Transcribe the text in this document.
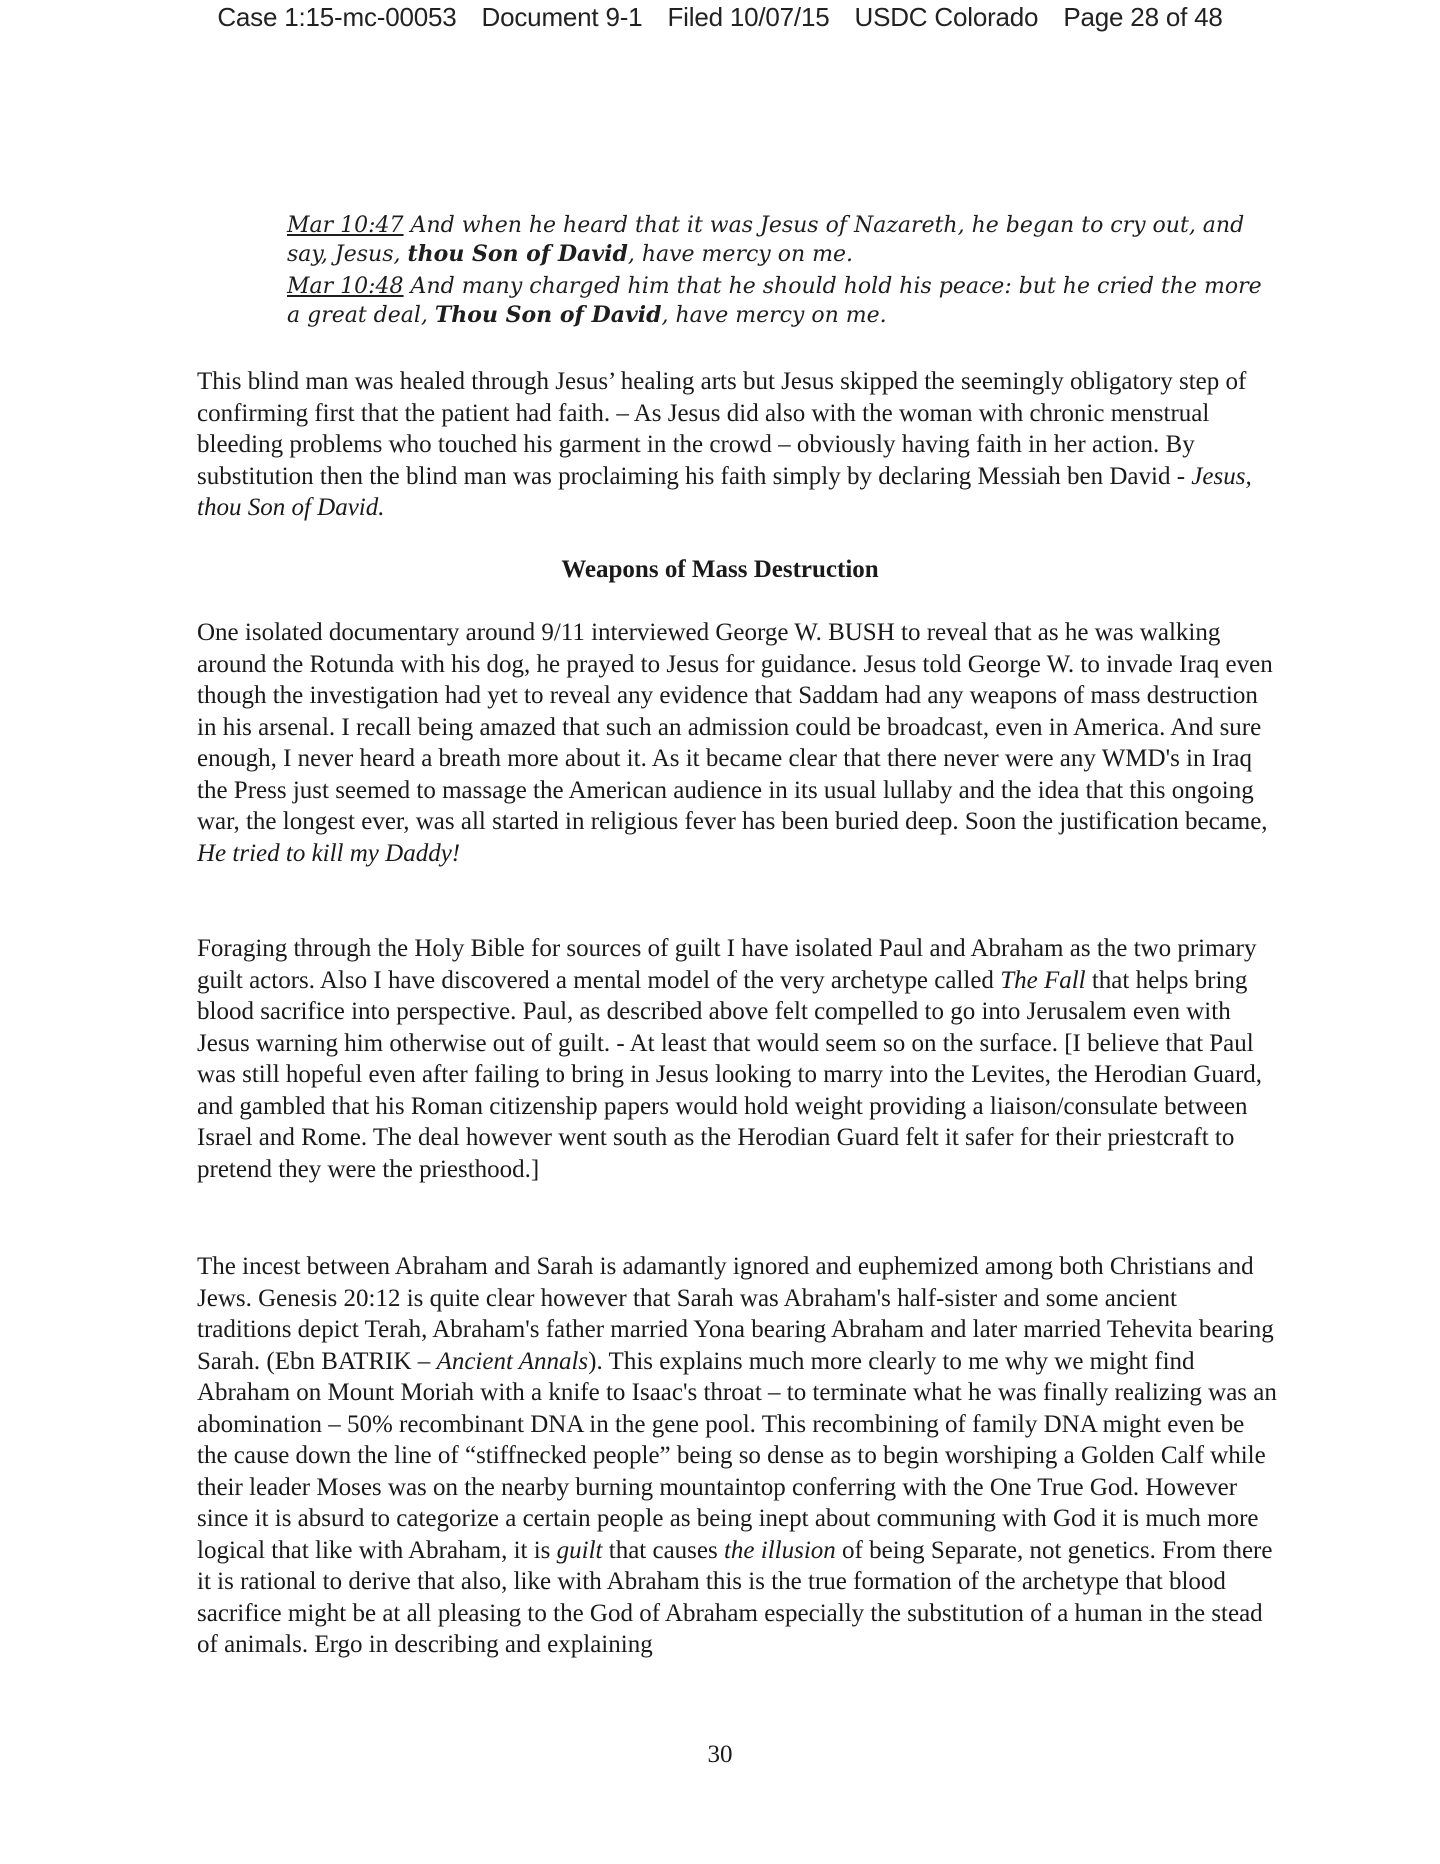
Case 1:15-mc-00053 Document 9-1 Filed 10/07/15 USDC Colorado Page 28 of 48

Mar 10:47 And when he heard that it was Jesus of Nazareth, he began to cry out, and say, Jesus, thou Son of David, have mercy on me.

Mar 10:48 And many charged him that he should hold his peace: but he cried the more a great deal, Thou Son of David, have mercy on me.

This blind man was healed through Jesus’ healing arts but Jesus skipped the seemingly obligatory step of confirming first that the patient had faith. – As Jesus did also with the woman with chronic menstrual bleeding problems who touched his garment in the crowd – obviously having faith in her action. By substitution then the blind man was proclaiming his faith simply by declaring Messiah ben David - Jesus, thou Son of David.

Weapons of Mass Destruction

One isolated documentary around 9/11 interviewed George W. BUSH to reveal that as he was walking around the Rotunda with his dog, he prayed to Jesus for guidance. Jesus told George W. to invade Iraq even though the investigation had yet to reveal any evidence that Saddam had any weapons of mass destruction in his arsenal. I recall being amazed that such an admission could be broadcast, even in America. And sure enough, I never heard a breath more about it. As it became clear that there never were any WMD's in Iraq the Press just seemed to massage the American audience in its usual lullaby and the idea that this ongoing war, the longest ever, was all started in religious fever has been buried deep. Soon the justification became, He tried to kill my Daddy!

Foraging through the Holy Bible for sources of guilt I have isolated Paul and Abraham as the two primary guilt actors. Also I have discovered a mental model of the very archetype called The Fall that helps bring blood sacrifice into perspective. Paul, as described above felt compelled to go into Jerusalem even with Jesus warning him otherwise out of guilt. - At least that would seem so on the surface. [I believe that Paul was still hopeful even after failing to bring in Jesus looking to marry into the Levites, the Herodian Guard, and gambled that his Roman citizenship papers would hold weight providing a liaison/consulate between Israel and Rome. The deal however went south as the Herodian Guard felt it safer for their priestcraft to pretend they were the priesthood.]

The incest between Abraham and Sarah is adamantly ignored and euphemized among both Christians and Jews. Genesis 20:12 is quite clear however that Sarah was Abraham's half-sister and some ancient traditions depict Terah, Abraham's father married Yona bearing Abraham and later married Tehevita bearing Sarah. (Ebn BATRIK – Ancient Annals). This explains much more clearly to me why we might find Abraham on Mount Moriah with a knife to Isaac's throat – to terminate what he was finally realizing was an abomination – 50% recombinant DNA in the gene pool. This recombining of family DNA might even be the cause down the line of “stiffnecked people” being so dense as to begin worshiping a Golden Calf while their leader Moses was on the nearby burning mountaintop conferring with the One True God. However since it is absurd to categorize a certain people as being inept about communing with God it is much more logical that like with Abraham, it is guilt that causes the illusion of being Separate, not genetics. From there it is rational to derive that also, like with Abraham this is the true formation of the archetype that blood sacrifice might be at all pleasing to the God of Abraham especially the substitution of a human in the stead of animals. Ergo in describing and explaining

30
